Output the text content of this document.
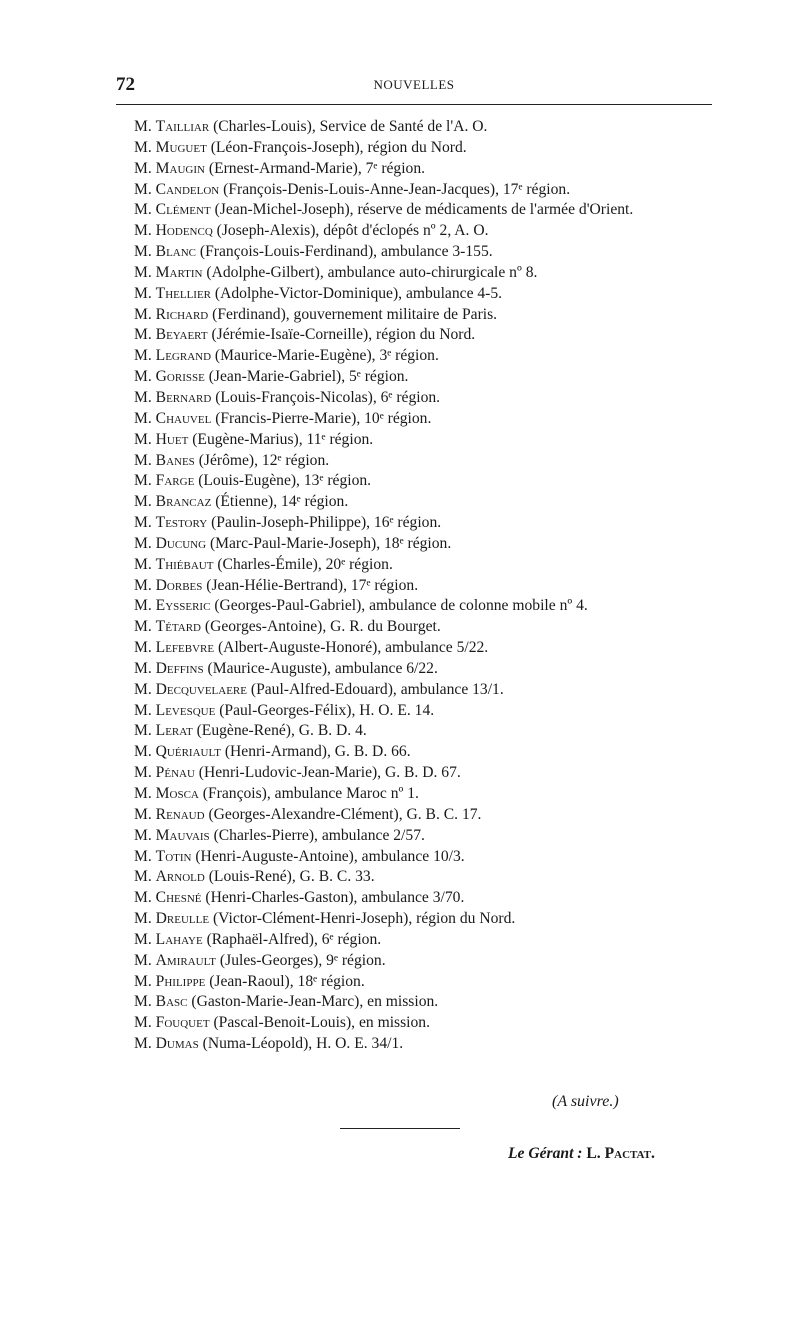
72	NOUVELLES
M. Tailliar (Charles-Louis), Service de Santé de l'A. O.
M. Muguet (Léon-François-Joseph), région du Nord.
M. Maugin (Ernest-Armand-Marie), 7ᵉ région.
M. Candelon (François-Denis-Louis-Anne-Jean-Jacques), 17ᵉ région.
M. Clément (Jean-Michel-Joseph), réserve de médicaments de l'armée d'Orient.
M. Hodencq (Joseph-Alexis), dépôt d'éclopés nº 2, A. O.
M. Blanc (François-Louis-Ferdinand), ambulance 3-155.
M. Martin (Adolphe-Gilbert), ambulance auto-chirurgicale nº 8.
M. Thellier (Adolphe-Victor-Dominique), ambulance 4-5.
M. Richard (Ferdinand), gouvernement militaire de Paris.
M. Beyaert (Jérémie-Isaïe-Corneille), région du Nord.
M. Legrand (Maurice-Marie-Eugène), 3ᵉ région.
M. Gorisse (Jean-Marie-Gabriel), 5ᵉ région.
M. Bernard (Louis-François-Nicolas), 6ᵉ région.
M. Chauvel (Francis-Pierre-Marie), 10ᵉ région.
M. Huet (Eugène-Marius), 11ᵉ région.
M. Banes (Jérôme), 12ᵉ région.
M. Farge (Louis-Eugène), 13ᵉ région.
M. Brancaz (Étienne), 14ᵉ région.
M. Testory (Paulin-Joseph-Philippe), 16ᵉ région.
M. Ducung (Marc-Paul-Marie-Joseph), 18ᵉ région.
M. Thiébaut (Charles-Émile), 20ᵉ région.
M. Dorbes (Jean-Hélie-Bertrand), 17ᵉ région.
M. Eysseric (Georges-Paul-Gabriel), ambulance de colonne mobile nº 4.
M. Tétard (Georges-Antoine), G. R. du Bourget.
M. Lefebvre (Albert-Auguste-Honoré), ambulance 5/22.
M. Deffins (Maurice-Auguste), ambulance 6/22.
M. Decquvelaere (Paul-Alfred-Edouard), ambulance 13/1.
M. Levesque (Paul-Georges-Félix), H. O. E. 14.
M. Lerat (Eugène-René), G. B. D. 4.
M. Quériault (Henri-Armand), G. B. D. 66.
M. Pénau (Henri-Ludovic-Jean-Marie), G. B. D. 67.
M. Mosca (François), ambulance Maroc nº 1.
M. Renaud (Georges-Alexandre-Clément), G. B. C. 17.
M. Mauvais (Charles-Pierre), ambulance 2/57.
M. Totin (Henri-Auguste-Antoine), ambulance 10/3.
M. Arnold (Louis-René), G. B. C. 33.
M. Chesné (Henri-Charles-Gaston), ambulance 3/70.
M. Dreulle (Victor-Clément-Henri-Joseph), région du Nord.
M. Lahaye (Raphaël-Alfred), 6ᵉ région.
M. Amirault (Jules-Georges), 9ᵉ région.
M. Philippe (Jean-Raoul), 18ᵉ région.
M. Basc (Gaston-Marie-Jean-Marc), en mission.
M. Fouquet (Pascal-Benoit-Louis), en mission.
M. Dumas (Numa-Léopold), H. O. E. 34/1.
(A suivre.)
Le Gérant : L. Pactat.
